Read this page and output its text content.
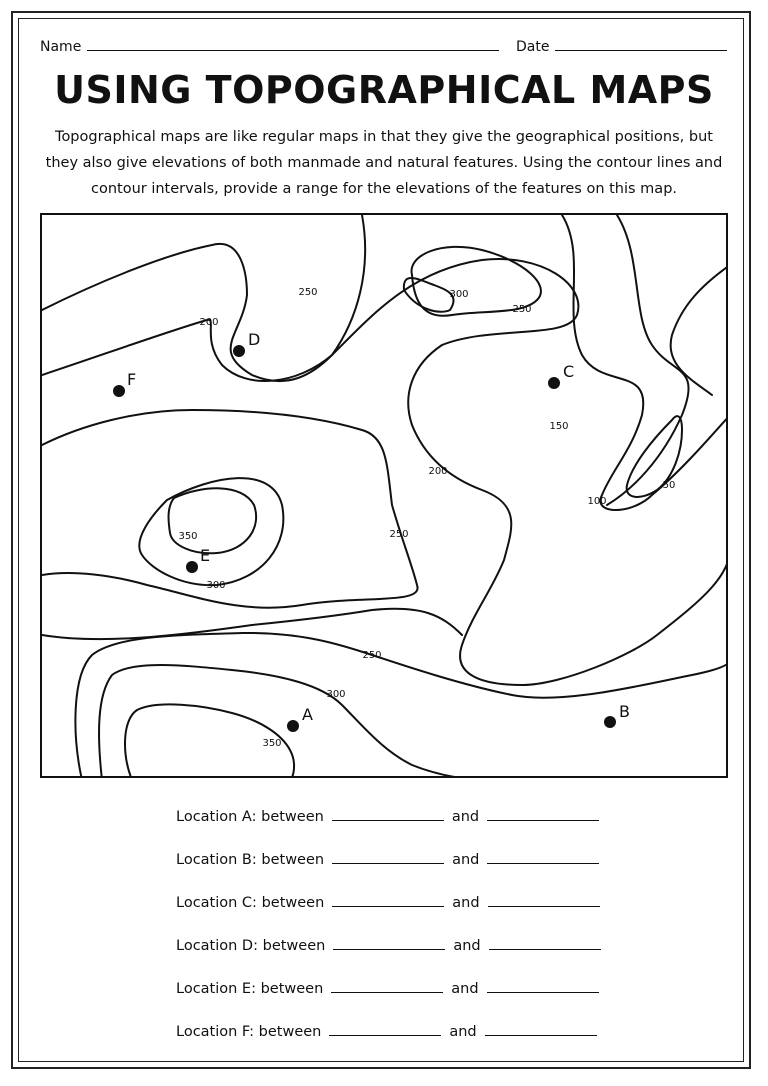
Name	Date
USING TOPOGRAPHICAL MAPS
Topographical maps are like regular maps in that they give the geographical positions, but they also give elevations of both manmade and natural features. Using the contour lines and contour intervals, provide a range for the elevations of the features on this map.
250	300
250
200
150
100
50
200
250
350
300
250
300
350
A	B
C
D
E
F
Location A: between	and
Location B: between	and
Location C: between	and
Location D: between	and
Location E: between	and
Location F: between	and
